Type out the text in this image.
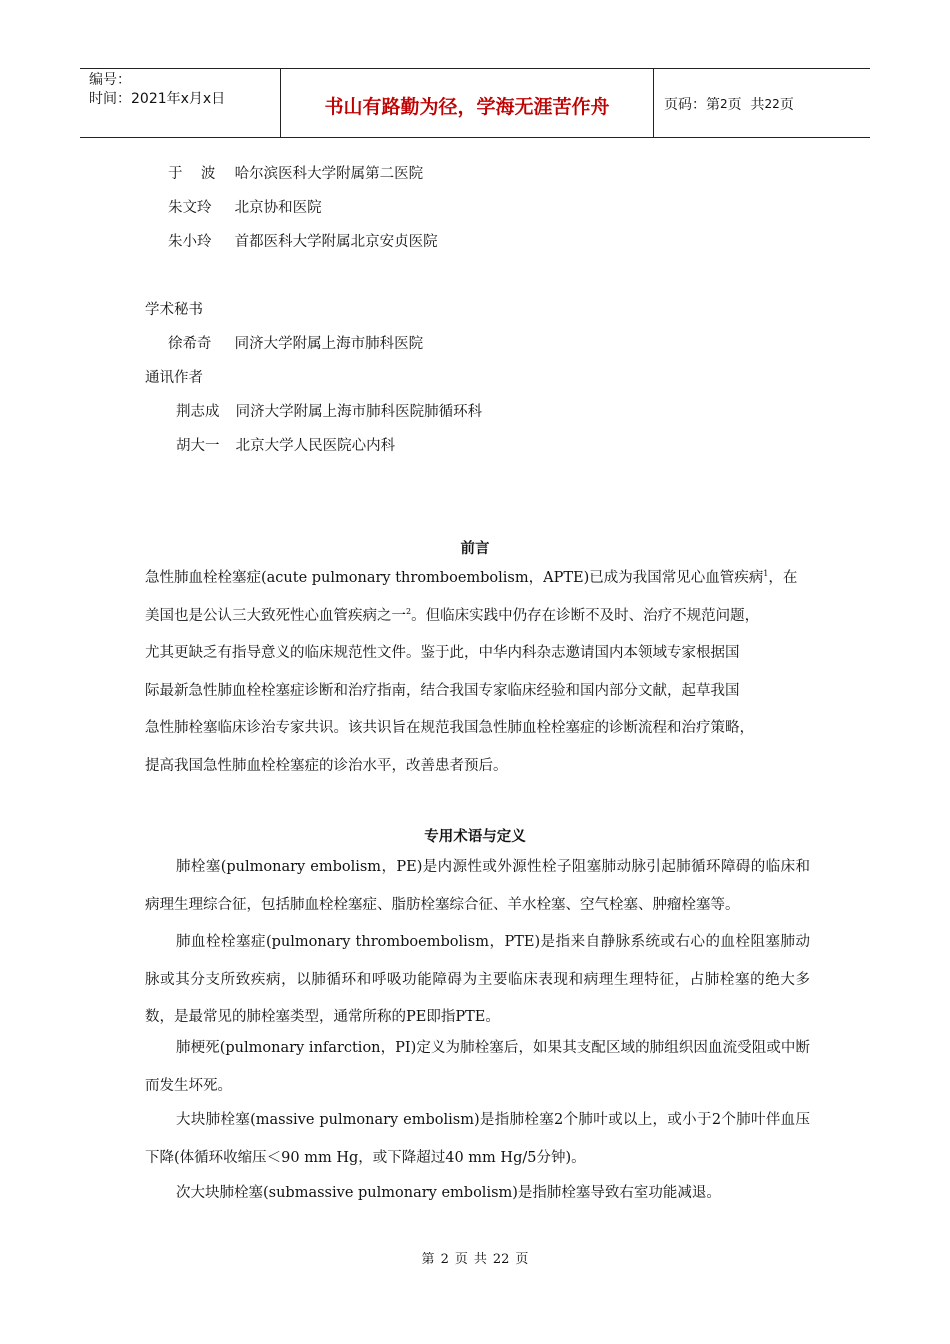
编号：
时间：2021年x月x日	书山有路勤为径，学海无涯苦作舟	页码：第 2 页  共 22 页
于    波 哈尔滨医科大学附属第二医院
朱文玲 北京协和医院
朱小玲 首都医科大学附属北京安贞医院
学术秘书
徐希奇 同济大学附属上海市肺科医院
通讯作者
荆志成 同济大学附属上海市肺科医院肺循环科
胡大一 北京大学人民医院心内科
前言
急性肺血栓栓塞症(acute pulmonary thromboembolism，APTE)已成为我国常见心血管疾病$^1$，在
美国也是公认三大致死性心血管疾病之一$^2$。但临床实践中仍存在诊断不及时、治疗不规范问题，
尤其更缺乏有指导意义的临床规范性文件。鉴于此，中华内科杂志邀请国内本领域专家根据国
际最新急性肺血栓栓塞症诊断和治疗指南，结合我国专家临床经验和国内部分文献，起草我国
急性肺栓塞临床诊治专家共识。该共识旨在规范我国急性肺血栓栓塞症的诊断流程和治疗策略，
提高我国急性肺血栓栓塞症的诊治水平，改善患者预后。
专用术语与定义
肺栓塞(pulmonary embolism，PE)是内源性或外源性栓子阻塞肺动脉引起肺循环障碍的临床和病理生理综合征，包括肺血栓栓塞症、脂肪栓塞综合征、羊水栓塞、空气栓塞、肿瘤栓塞等。
肺血栓栓塞症(pulmonary thromboembolism，PTE)是指来自静脉系统或右心的血栓阻塞肺动脉或其分支所致疾病，以肺循环和呼吸功能障碍为主要临床表现和病理生理特征，占肺栓塞的绝大多数，是最常见的肺栓塞类型，通常所称的PE即指PTE。
肺梗死(pulmonary infarction，PI)定义为肺栓塞后，如果其支配区域的肺组织因血流受阻或中断而发生坏死。
大块肺栓塞(massive pulmonary embolism)是指肺栓塞2个肺叶或以上，或小于2个肺叶伴血压下降(体循环收缩压＜90 mm Hg，或下降超过40 mm Hg/5分钟)。
次大块肺栓塞(submassive pulmonary embolism)是指肺栓塞导致右室功能减退。
第 2 页 共 22 页
